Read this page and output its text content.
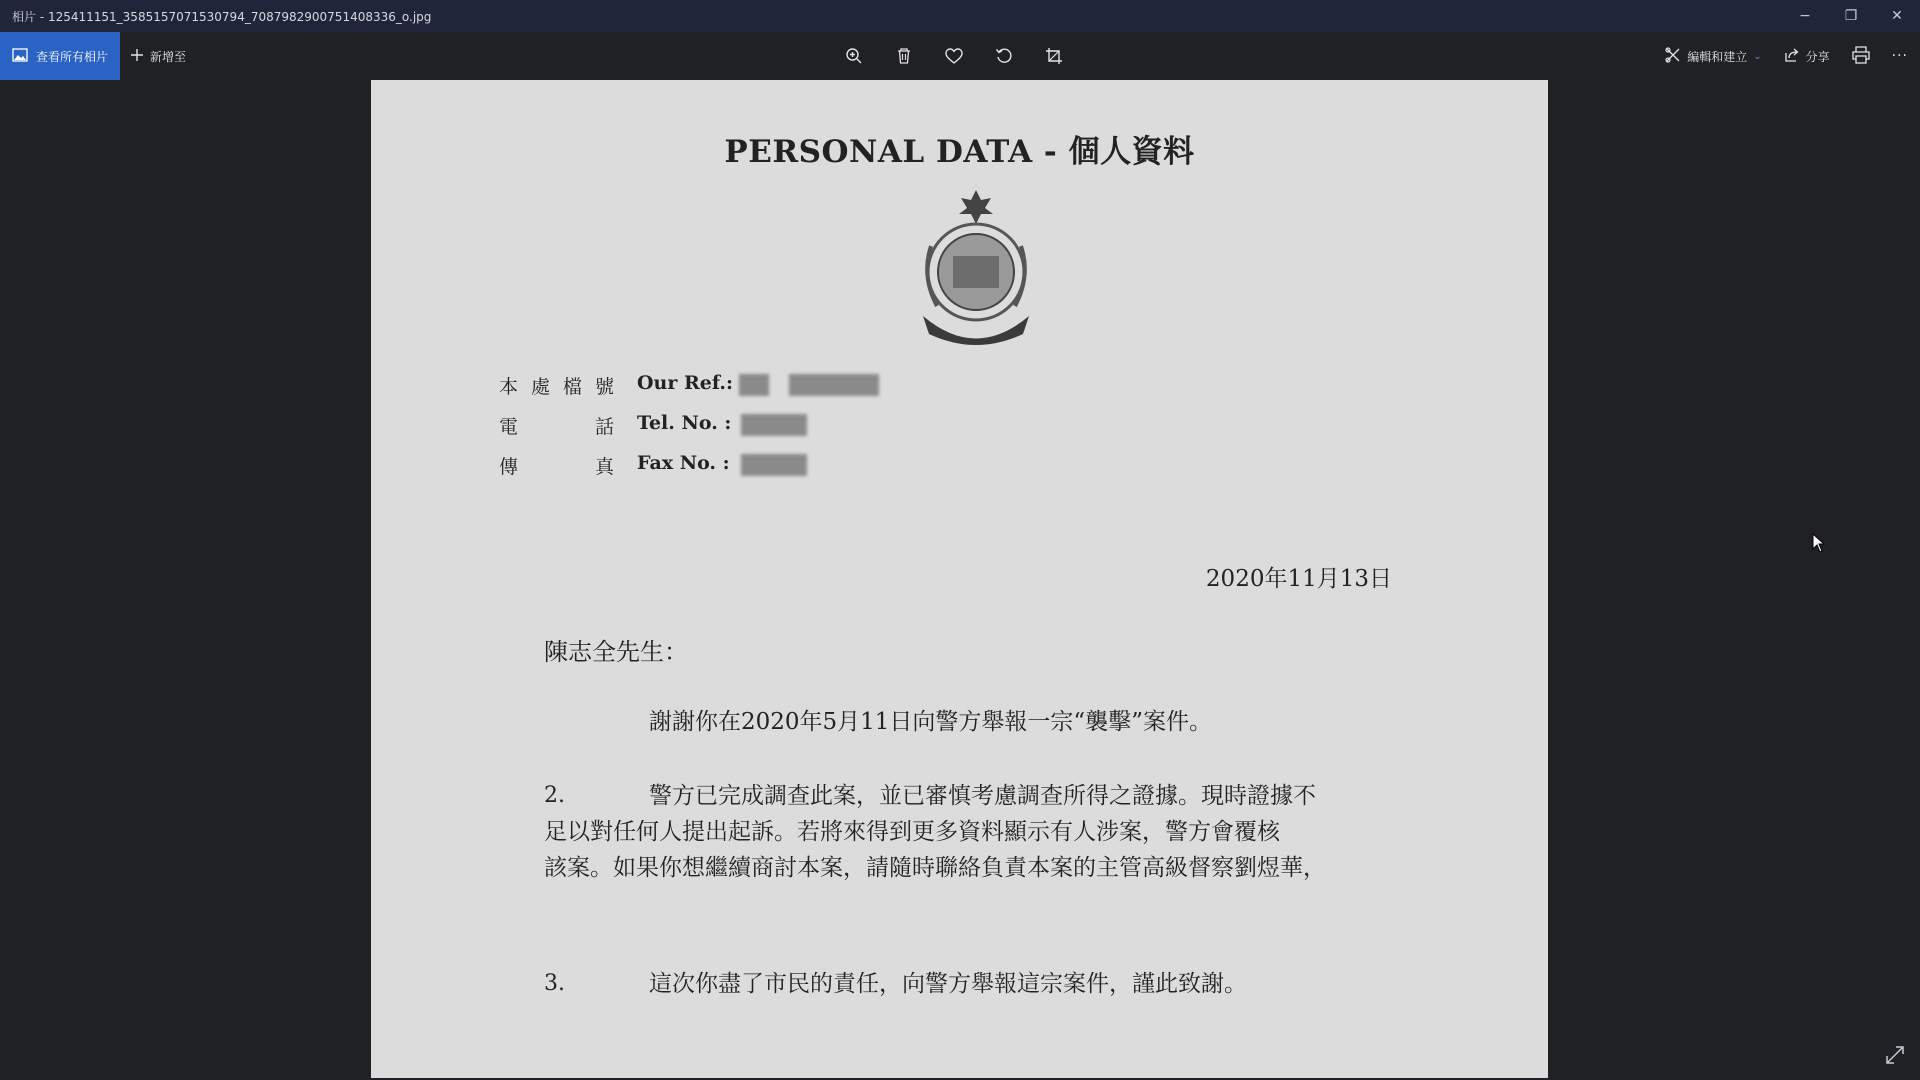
相片 - 125411151_3585157071530794_7087982900751408336_o.jpg	−	❐	✕
查看所有相片	新增至	編輯和建立 ⌄	分享	···
PERSONAL DATA - 個人資料
本 處 檔 號 Our Ref.:
電	話 Tel. No. :
傳	真 Fax No. :
2020年11月13日
陳志全先生：
謝謝你在2020年5月11日向警方舉報一宗“襲擊”案件。
2.	警方已完成調查此案，並已審慎考慮調查所得之證據。現時證據不
足以對任何人提出起訴。若將來得到更多資料顯示有人涉案，警方會覆核
該案。如果你想繼續商討本案，請隨時聯絡負責本案的主管高級督察劉煜華，
3.	這次你盡了市民的責任，向警方舉報這宗案件，謹此致謝。
